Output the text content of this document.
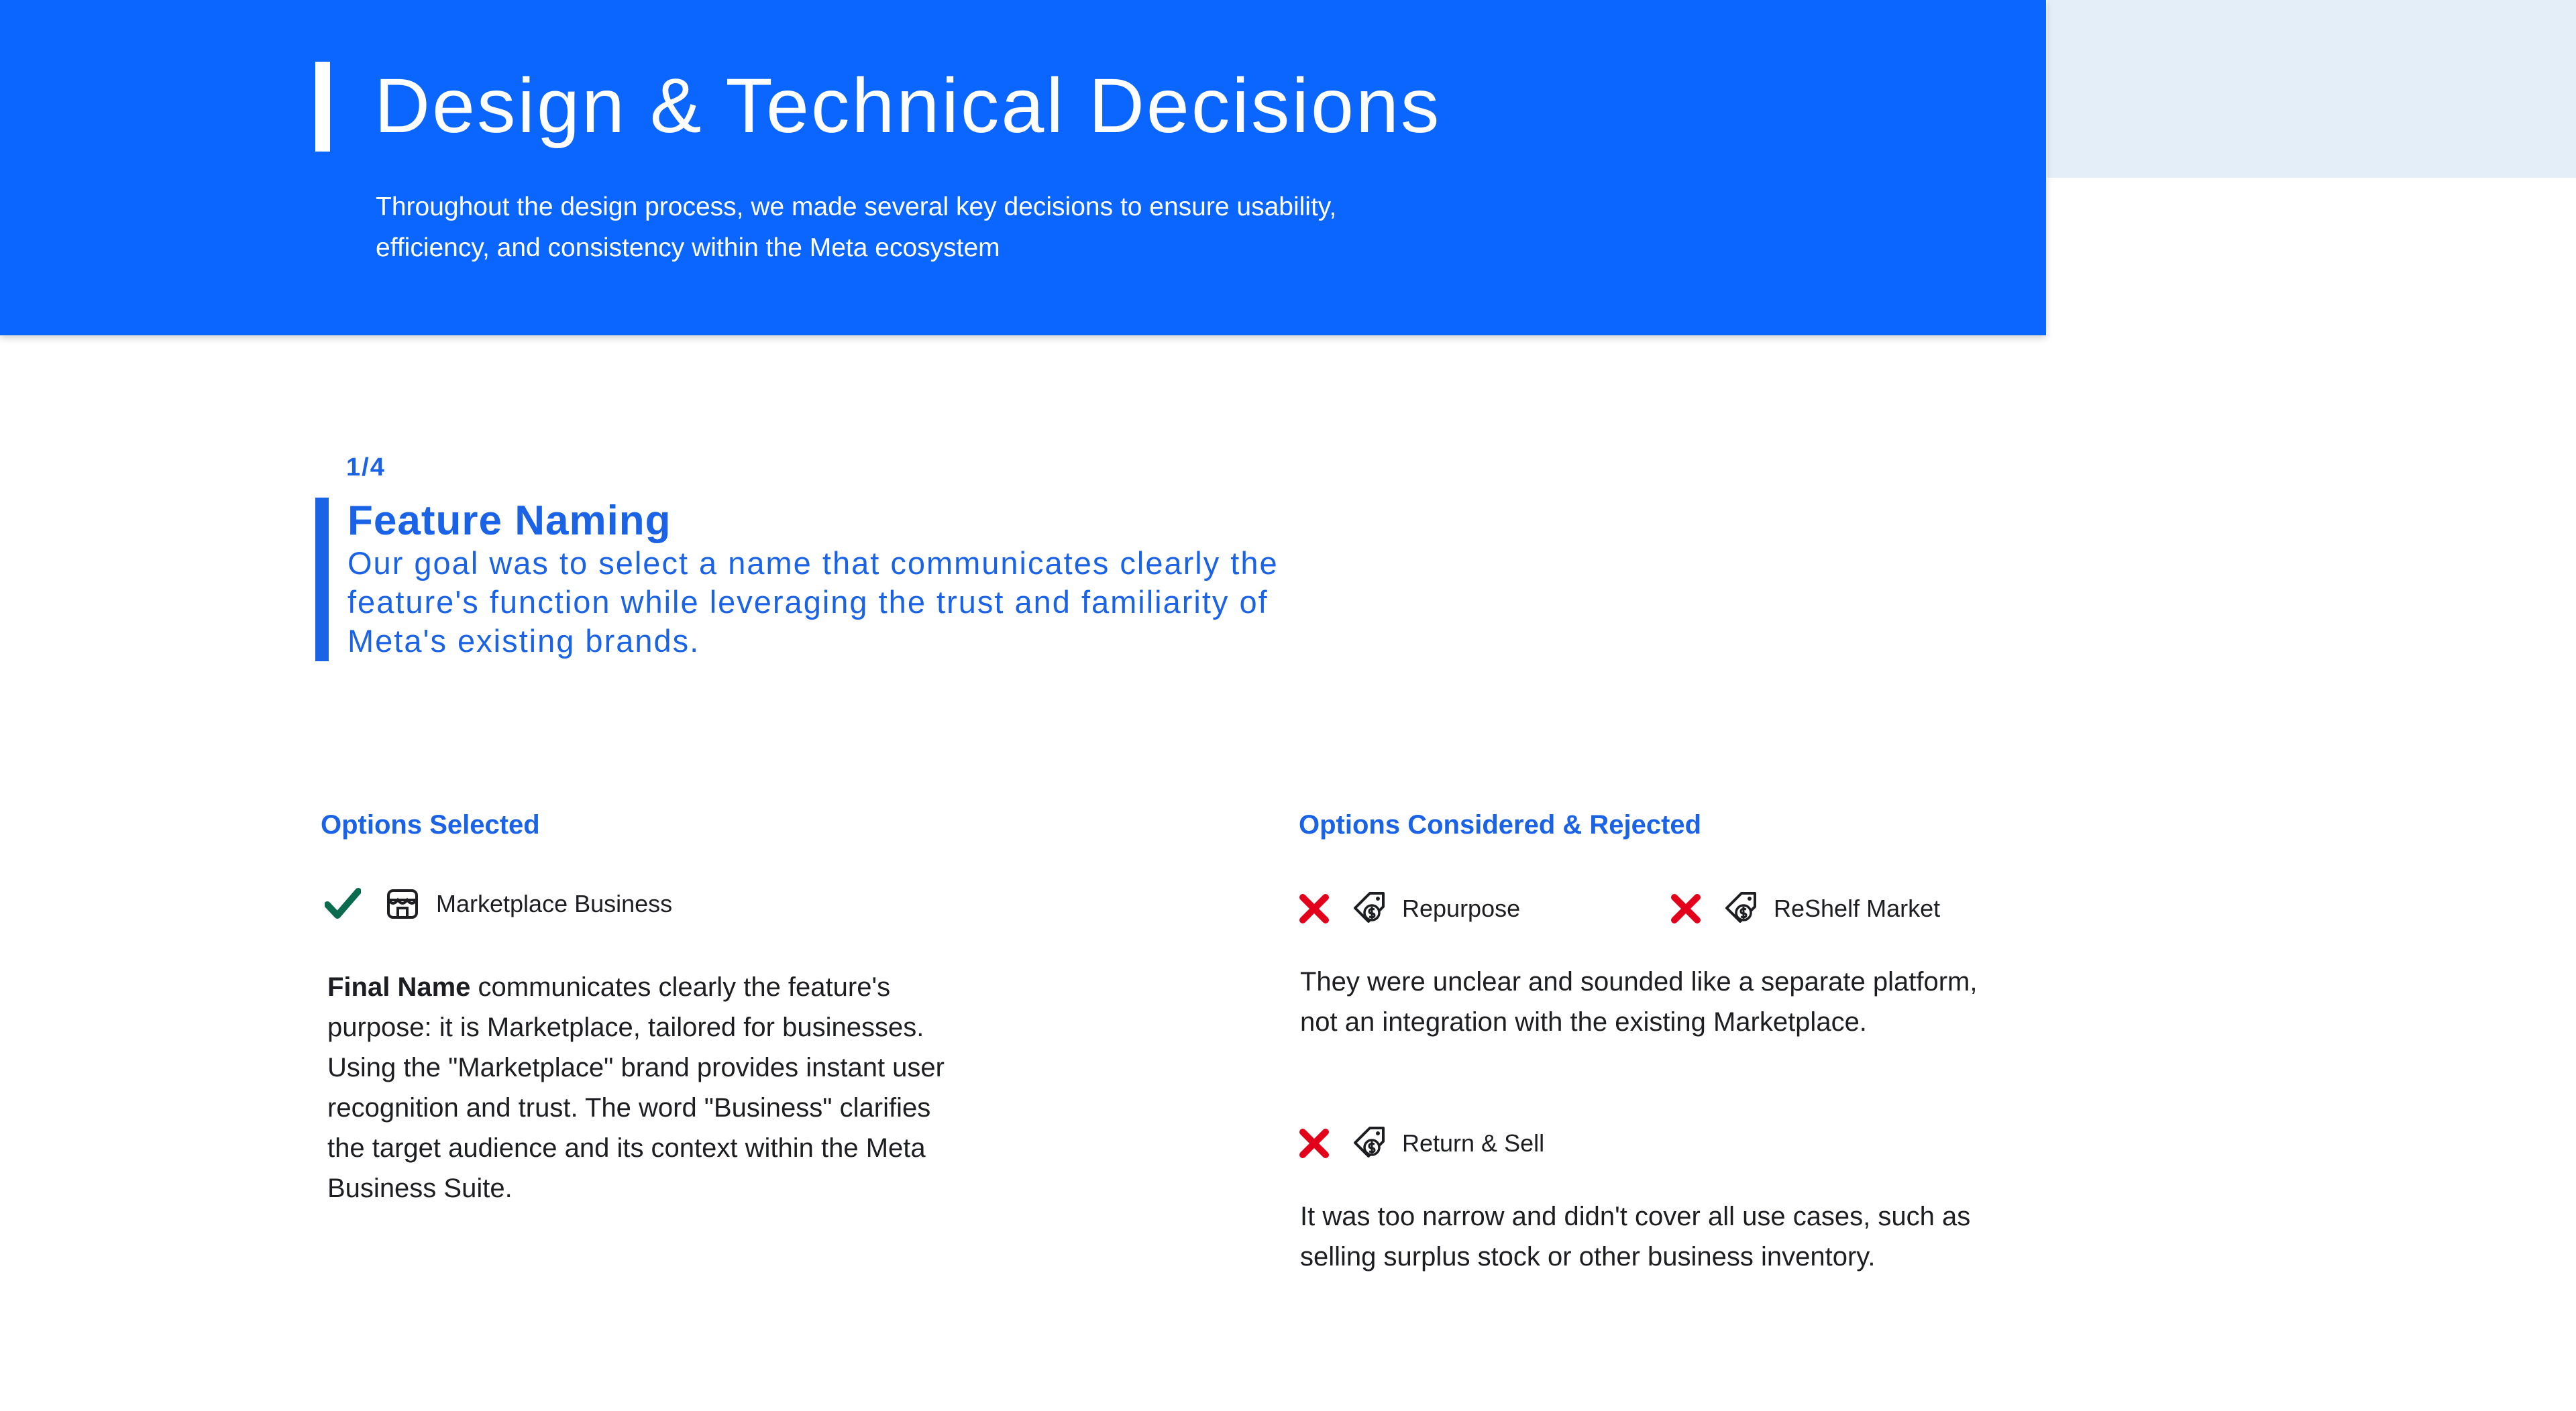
Design & Technical Decisions

Throughout the design process, we made several key decisions to ensure usability, efficiency, and consistency within the Meta ecosystem

1/4
Feature Naming

Our goal was to select a name that communicates clearly the feature's function while leveraging the trust and familiarity of Meta's existing brands.

Options Selected
Marketplace Business

Final Name communicates clearly the feature's purpose: it is Marketplace, tailored for businesses. Using the "Marketplace" brand provides instant user recognition and trust. The word "Business" clarifies the target audience and its context within the Meta Business Suite.

Options Considered & Rejected
Repurpose	ReShelf Market

They were unclear and sounded like a separate platform, not an integration with the existing Marketplace.

Return & Sell

It was too narrow and didn't cover all use cases, such as selling surplus stock or other business inventory.
